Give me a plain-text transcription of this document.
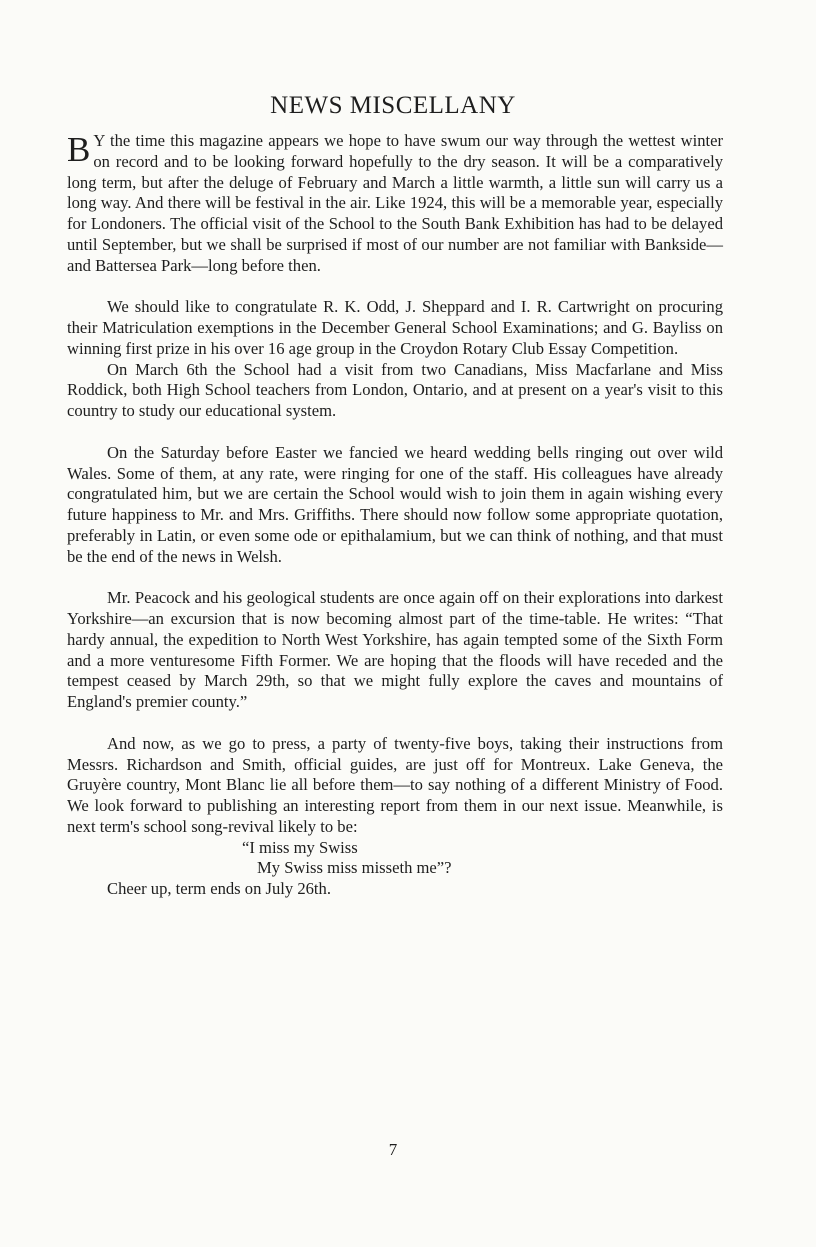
NEWS MISCELLANY

B Y the time this magazine appears we hope to have swum our way through the wettest winter on record and to be looking forward hopefully to the dry season. It will be a comparatively long term, but after the deluge of February and March a little warmth, a little sun will carry us a long way. And there will be festival in the air. Like 1924, this will be a memorable year, especially for Londoners. The official visit of the School to the South Bank Exhibition has had to be delayed until September, but we shall be surprised if most of our number are not familiar with Bankside—and Battersea Park—long before then.

We should like to congratulate R. K. Odd, J. Sheppard and I. R. Cartwright on procuring their Matriculation exemptions in the December General School Examinations; and G. Bayliss on winning first prize in his over 16 age group in the Croydon Rotary Club Essay Competition.

On March 6th the School had a visit from two Canadians, Miss Macfarlane and Miss Roddick, both High School teachers from London, Ontario, and at present on a year's visit to this country to study our educational system.

On the Saturday before Easter we fancied we heard wedding bells ringing out over wild Wales. Some of them, at any rate, were ringing for one of the staff. His colleagues have already congratulated him, but we are certain the School would wish to join them in again wishing every future happiness to Mr. and Mrs. Griffiths. There should now follow some appropriate quotation, preferably in Latin, or even some ode or epithalamium, but we can think of nothing, and that must be the end of the news in Welsh.

Mr. Peacock and his geological students are once again off on their explorations into darkest Yorkshire—an excursion that is now becoming almost part of the time-table. He writes: “That hardy annual, the expedition to North West Yorkshire, has again tempted some of the Sixth Form and a more venturesome Fifth Former. We are hoping that the floods will have receded and the tempest ceased by March 29th, so that we might fully explore the caves and mountains of England's premier county.”

And now, as we go to press, a party of twenty-five boys, taking their instructions from Messrs. Richardson and Smith, official guides, are just off for Montreux. Lake Geneva, the Gruyère country, Mont Blanc lie all before them—to say nothing of a different Ministry of Food. We look forward to publishing an interesting report from them in our next issue. Meanwhile, is next term's school song-revival likely to be:

“I miss my Swiss

My Swiss miss misseth me”?

Cheer up, term ends on July 26th.

7
